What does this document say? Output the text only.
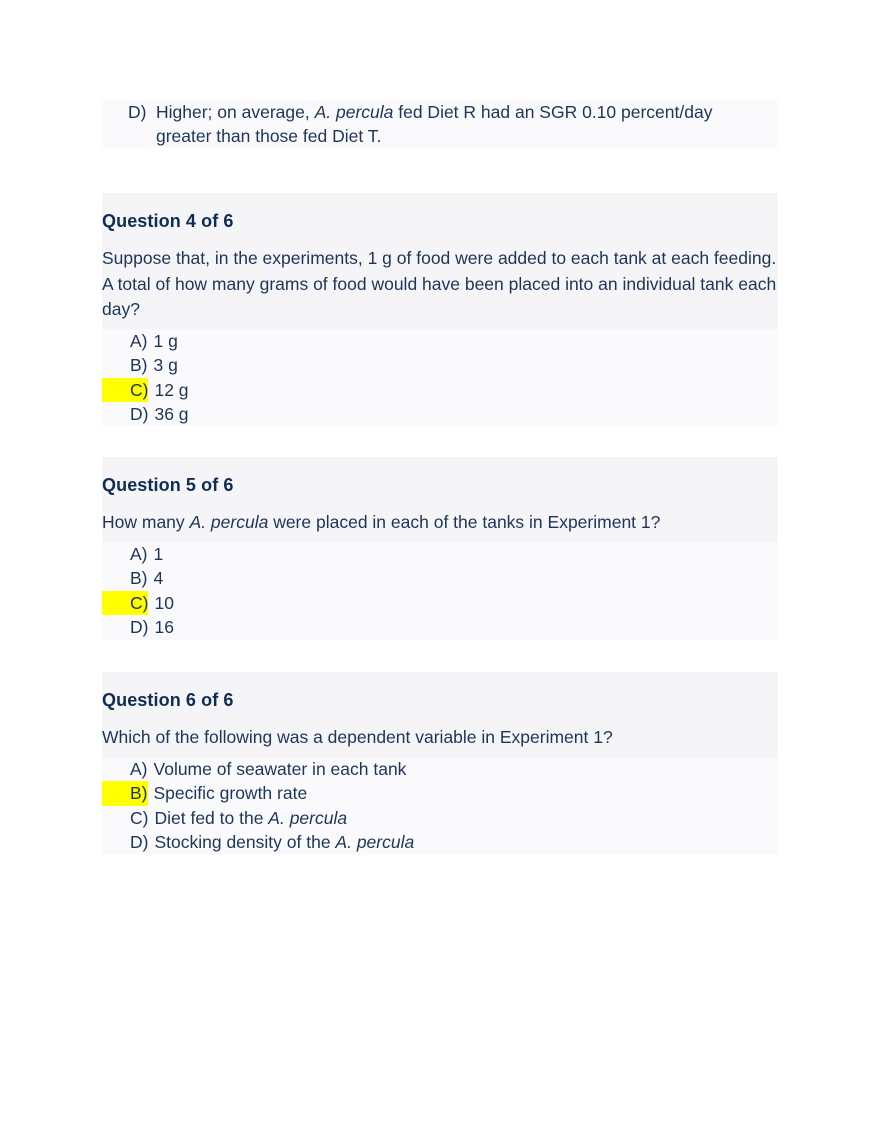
D) Higher; on average, A. percula fed Diet R had an SGR 0.10 percent/day
greater than those fed Diet T.
Question 4 of 6

Suppose that, in the experiments, 1 g of food were added to each tank at each feeding. A total of how many grams of food would have been placed into an individual tank each day?

A) 1 g
B) 3 g
C) 12 g
D) 36 g
Question 5 of 6

How many A. percula were placed in each of the tanks in Experiment 1?

A) 1
B) 4
C) 10
D) 16
Question 6 of 6

Which of the following was a dependent variable in Experiment 1?

A) Volume of seawater in each tank
B) Specific growth rate
C) Diet fed to the A. percula
D) Stocking density of the A. percula
